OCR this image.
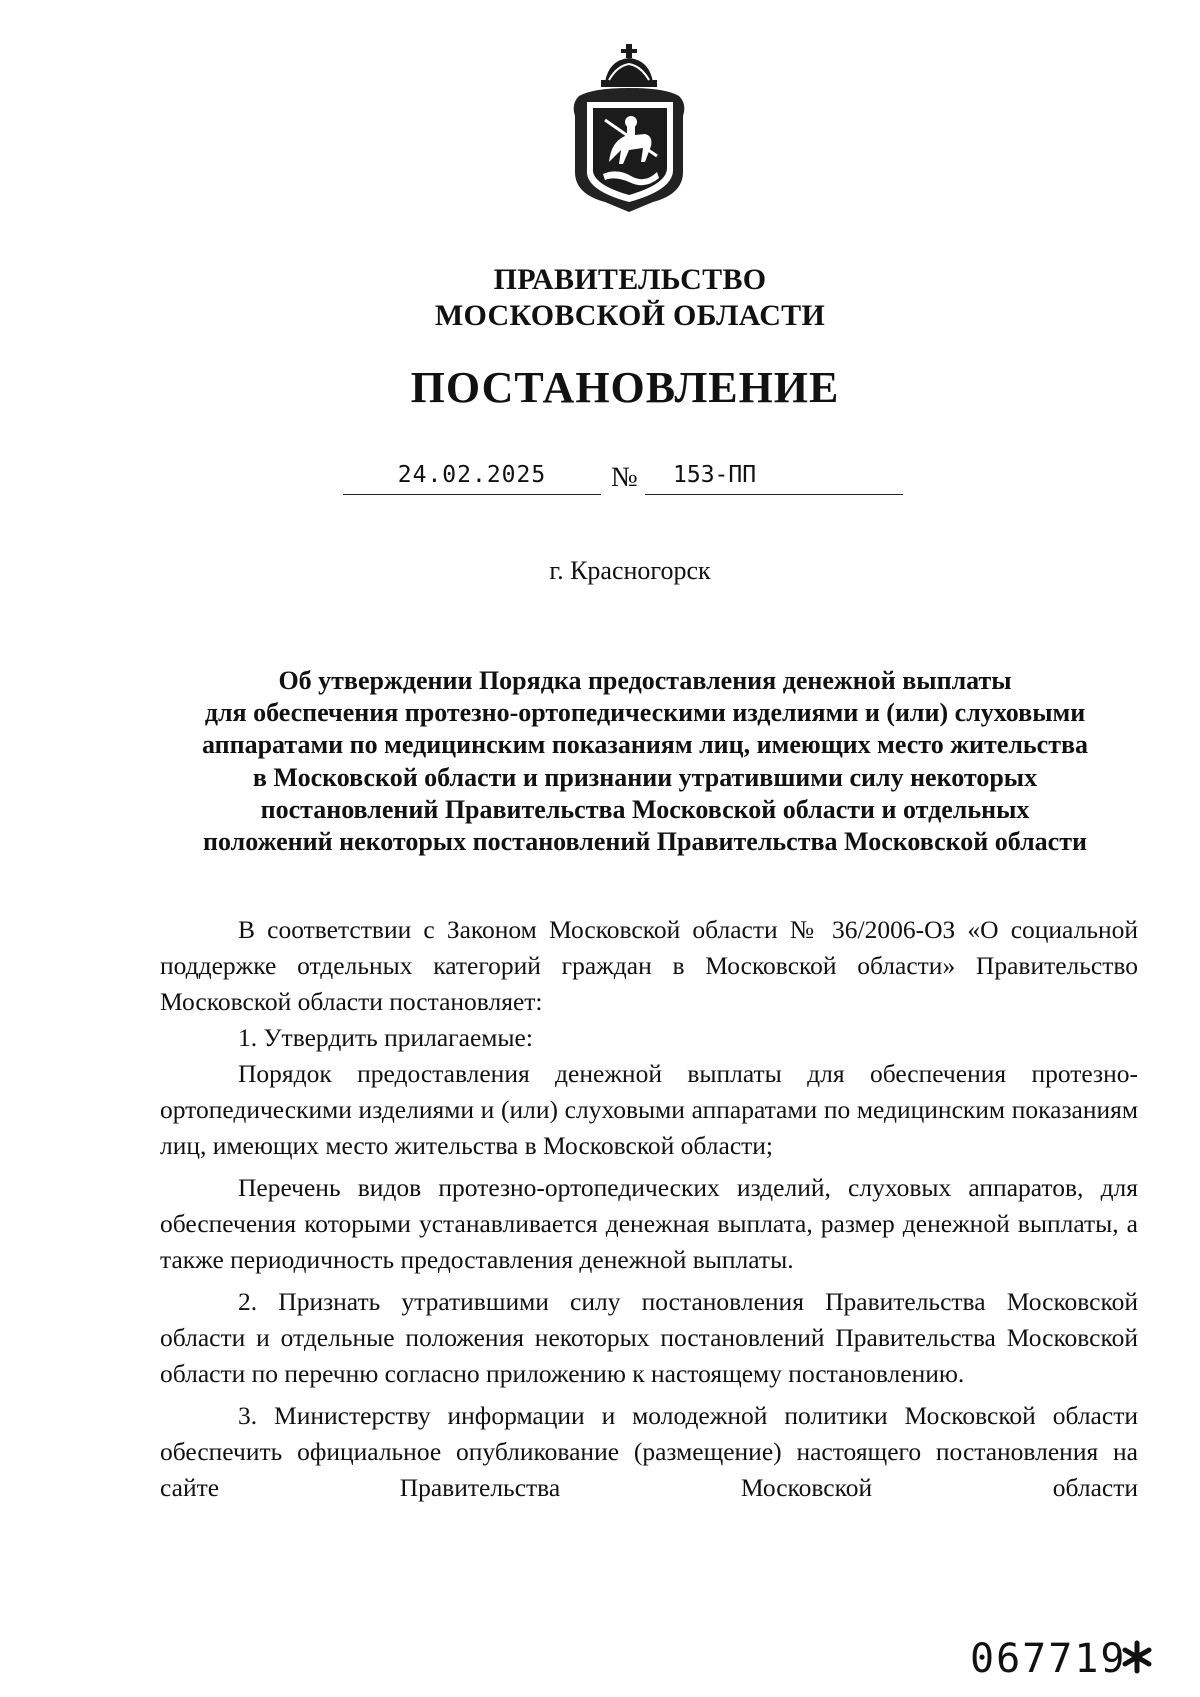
ПРАВИТЕЛЬСТВО
МОСКОВСКОЙ ОБЛАСТИ
ПОСТАНОВЛЕНИЕ
24.02.2025	№ 153-ПП
г. Красногорск
Об утверждении Порядка предоставления денежной выплаты
для обеспечения протезно-ортопедическими изделиями и (или) слуховыми
аппаратами по медицинским показаниям лиц, имеющих место жительства
в Московской области и признании утратившими силу некоторых
постановлений Правительства Московской области и отдельных
положений некоторых постановлений Правительства Московской области

В соответствии с Законом Московской области № 36/2006-ОЗ «О социальной поддержке отдельных категорий граждан в Московской области» Правительство Московской области постановляет:

1. Утвердить прилагаемые:

Порядок предоставления денежной выплаты для обеспечения протезно-ортопедическими изделиями и (или) слуховыми аппаратами по медицинским показаниям лиц, имеющих место жительства в Московской области;

Перечень видов протезно-ортопедических изделий, слуховых аппаратов, для обеспечения которыми устанавливается денежная выплата, размер денежной выплаты, а также периодичность предоставления денежной выплаты.

2. Признать утратившими силу постановления Правительства Московской области и отдельные положения некоторых постановлений Правительства Московской области по перечню согласно приложению к настоящему постановлению.

3. Министерству информации и молодежной политики Московской области обеспечить официальное опубликование (размещение) настоящего постановления на сайте Правительства Московской области

067719
